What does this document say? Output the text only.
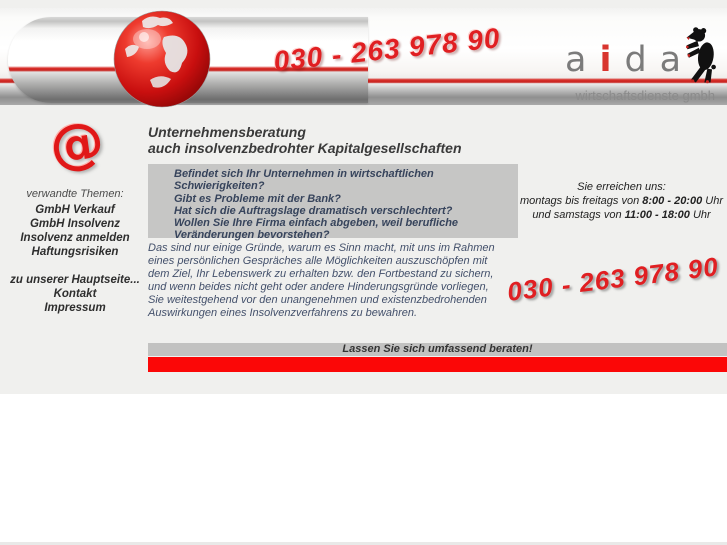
030 - 263 978 90 a i d a
wirtschaftsdienste gmbh
@
verwandte Themen:
GmbH Verkauf
GmbH Insolvenz
Insolvenz anmelden
Haftungsrisiken
zu unserer Hauptseite...
Kontakt
Impressum
Unternehmensberatung
auch insolvenzbedrohter Kapitalgesellschaften
Befindet sich Ihr Unternehmen in wirtschaftlichen Schwierigkeiten?
Gibt es Probleme mit der Bank?
Hat sich die Auftragslage dramatisch verschlechtert?
Wollen Sie Ihre Firma einfach abgeben, weil berufliche Veränderungen bevorstehen?
Sie erreichen uns:
montags bis freitags von 8:00 - 20:00 Uhr
und samstags von 11:00 - 18:00 Uhr
Das sind nur einige Gründe, warum es Sinn macht, mit uns im Rahmen eines persönlichen Gespräches alle Möglichkeiten auszuschöpfen mit dem Ziel, Ihr Lebenswerk zu erhalten bzw. den Fortbestand zu sichern, und wenn beides nicht geht oder andere Hinderungsgründe vorliegen, Sie weitestgehend vor den unangenehmen und existenzbedrohenden Auswirkungen eines Insolvenzverfahrens zu bewahren.
030 - 263 978 90
Lassen Sie sich umfassend beraten!
